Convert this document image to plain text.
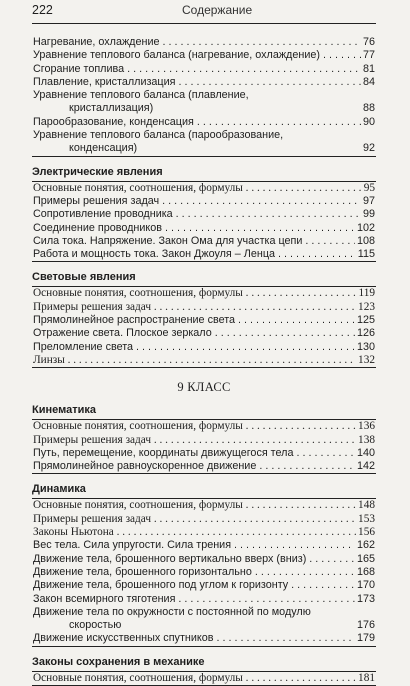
222	Содержание
Нагревание, охлаждение . . .	76
Уравнение теплового баланса (нагревание, охлаждение) . . .	77
Сгорание топлива . . .	81
Плавление, кристаллизация . . .	84
Уравнение теплового баланса (плавление,
кристаллизация)	88
Парообразование, конденсация . . .	90
Уравнение теплового баланса (парообразование,
конденсация)	92
Электрические явления
Основные понятия, соотношения, формулы . . .	95
Примеры решения задач . . .	97
Сопротивление проводника . . .	99
Соединение проводников . . .	102
Сила тока. Напряжение. Закон Ома для участка цепи . . .	108
Работа и мощность тока. Закон Джоуля – Ленца . . .	115
Световые явления
Основные понятия, соотношения, формулы . . .	119
Примеры решения задач . . .	123
Прямолинейное распространение света . . .	125
Отражение света. Плоское зеркало . . .	126
Преломление света . . .	130
Линзы . . .	132
9 КЛАСС
Кинематика
Основные понятия, соотношения, формулы . . .	136
Примеры решения задач . . .	138
Путь, перемещение, координаты движущегося тела . . .	140
Прямолинейное равноускоренное движение . . .	142
Динамика
Основные понятия, соотношения, формулы . . .	148
Примеры решения задач . . .	153
Законы Ньютона . . .	156
Вес тела. Сила упругости. Сила трения . . .	162
Движение тела, брошенного вертикально вверх (вниз) . . .	165
Движение тела, брошенного горизонтально . . .	168
Движение тела, брошенного под углом к горизонту . . .	170
Закон всемирного тяготения . . .	173
Движение тела по окружности с постоянной по модулю
скоростью	176
Движение искусственных спутников . . .	179
Законы сохранения в механике
Основные понятия, соотношения, формулы . . .	181
